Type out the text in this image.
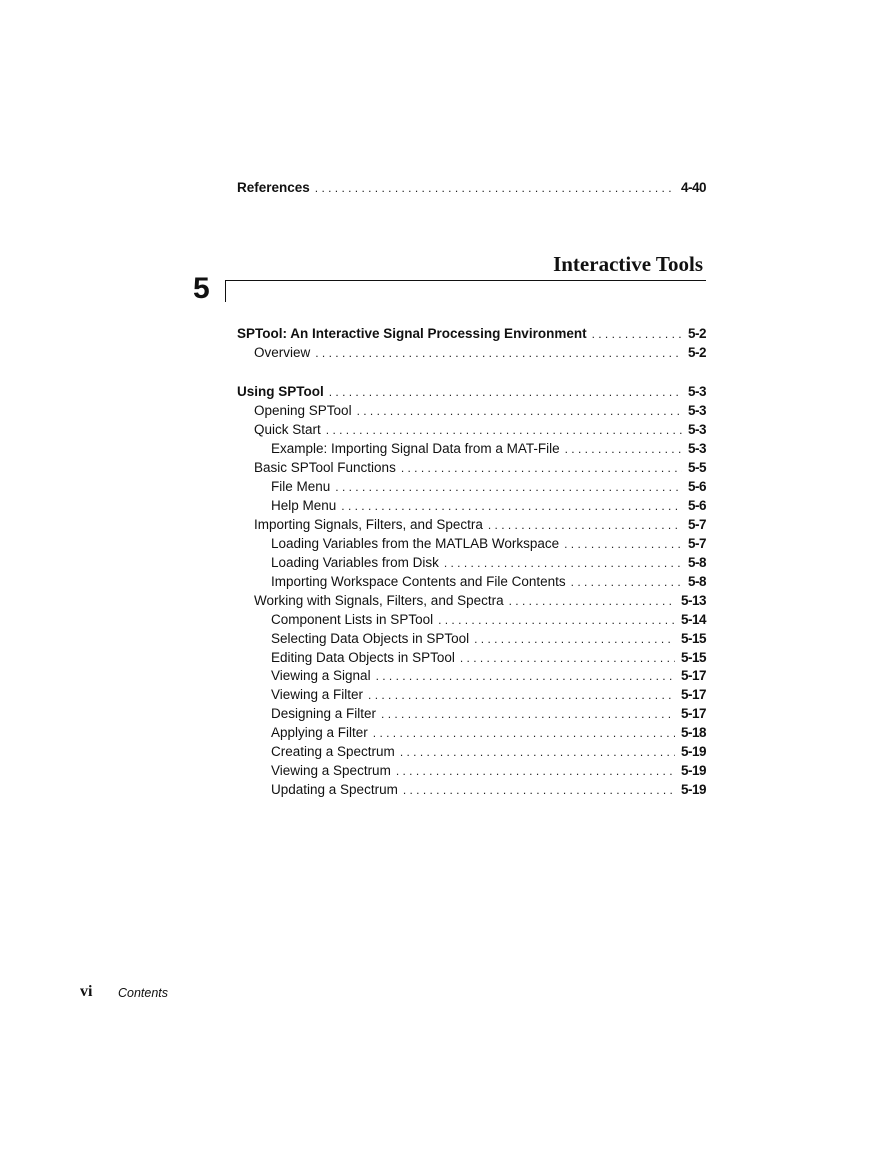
References . . .	4-40
Interactive Tools
5
SPTool: An Interactive Signal Processing Environment . . .	5-2
Overview . . .	5-2
Using SPTool . . .	5-3
Opening SPTool . . .	5-3
Quick Start . . .	5-3
Example: Importing Signal Data from a MAT-File . . .	5-3
Basic SPTool Functions . . .	5-5
File Menu . . .	5-6
Help Menu . . .	5-6
Importing Signals, Filters, and Spectra . . .	5-7
Loading Variables from the MATLAB Workspace . . .	5-7
Loading Variables from Disk . . .	5-8
Importing Workspace Contents and File Contents . . .	5-8
Working with Signals, Filters, and Spectra . . .	5-13
Component Lists in SPTool . . .	5-14
Selecting Data Objects in SPTool . . .	5-15
Editing Data Objects in SPTool . . .	5-15
Viewing a Signal . . .	5-17
Viewing a Filter . . .	5-17
Designing a Filter . . .	5-17
Applying a Filter . . .	5-18
Creating a Spectrum . . .	5-19
Viewing a Spectrum . . .	5-19
Updating a Spectrum . . .	5-19
vi Contents
